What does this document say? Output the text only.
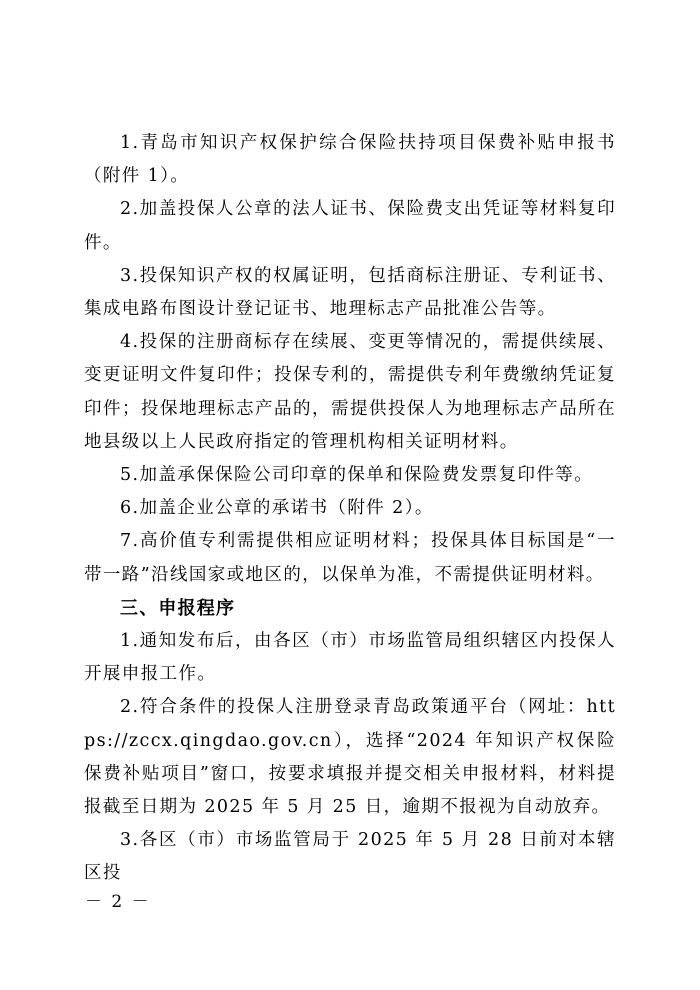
1.青岛市知识产权保护综合保险扶持项目保费补贴申报书（附件 1）。

2.加盖投保人公章的法人证书、保险费支出凭证等材料复印件。

3.投保知识产权的权属证明，包括商标注册证、专利证书、集成电路布图设计登记证书、地理标志产品批准公告等。

4.投保的注册商标存在续展、变更等情况的，需提供续展、变更证明文件复印件；投保专利的，需提供专利年费缴纳凭证复印件；投保地理标志产品的，需提供投保人为地理标志产品所在地县级以上人民政府指定的管理机构相关证明材料。

5.加盖承保保险公司印章的保单和保险费发票复印件等。

6.加盖企业公章的承诺书（附件 2）。

7.高价值专利需提供相应证明材料；投保具体目标国是“一带一路”沿线国家或地区的，以保单为准，不需提供证明材料。

三、申报程序

1.通知发布后，由各区（市）市场监管局组织辖区内投保人开展申报工作。

2.符合条件的投保人注册登录青岛政策通平台（网址：https://zccx.qingdao.gov.cn），选择“2024 年知识产权保险保费补贴项目”窗口，按要求填报并提交相关申报材料，材料提报截至日期为 2025 年 5 月 25 日，逾期不报视为自动放弃。

3.各区（市）市场监管局于 2025 年 5 月 28 日前对本辖区投

－ 2 －
